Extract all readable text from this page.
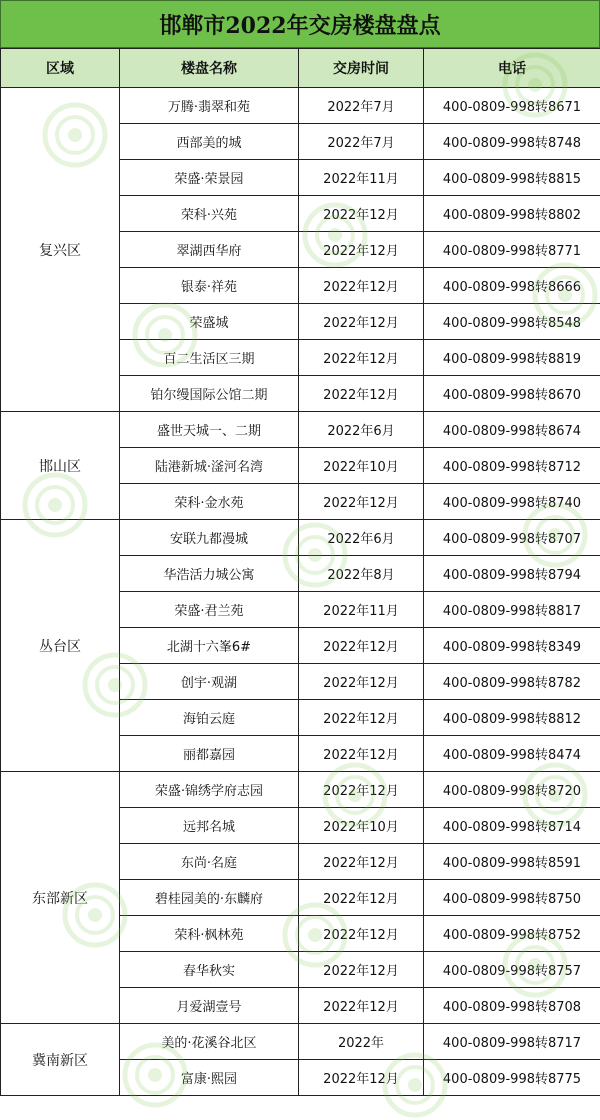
邯郸市2022年交房楼盘盘点
区域	楼盘名称	交房时间	电话
复兴区	万腾·翡翠和苑	2022年7月	400-0809-998转8671
	西部美的城	2022年7月	400-0809-998转8748
	荣盛·荣景园	2022年11月	400-0809-998转8815
	荣科·兴苑	2022年12月	400-0809-998转8802
	翠湖西华府	2022年12月	400-0809-998转8771
	银泰·祥苑	2022年12月	400-0809-998转8666
	荣盛城	2022年12月	400-0809-998转8548
	百二生活区三期	2022年12月	400-0809-998转8819
	铂尔缦国际公馆二期	2022年12月	400-0809-998转8670
邯山区	盛世天城一、二期	2022年6月	400-0809-998转8674
	陆港新城·滏河名湾	2022年10月	400-0809-998转8712
	荣科·金水苑	2022年12月	400-0809-998转8740
丛台区	安联九都漫城	2022年6月	400-0809-998转8707
	华浩活力城公寓	2022年8月	400-0809-998转8794
	荣盛·君兰苑	2022年11月	400-0809-998转8817
	北湖十六峯6#	2022年12月	400-0809-998转8349
	创宇·观湖	2022年12月	400-0809-998转8782
	海铂云庭	2022年12月	400-0809-998转8812
	丽都嘉园	2022年12月	400-0809-998转8474
东部新区	荣盛·锦绣学府志园	2022年12月	400-0809-998转8720
	远邦名城	2022年10月	400-0809-998转8714
	东尚·名庭	2022年12月	400-0809-998转8591
	碧桂园美的·东麟府	2022年12月	400-0809-998转8750
	荣科·枫林苑	2022年12月	400-0809-998转8752
	春华秋实	2022年12月	400-0809-998转8757
	月爱湖壹号	2022年12月	400-0809-998转8708
冀南新区	美的·花溪谷北区	2022年	400-0809-998转8717
	富康·熙园	2022年12月	400-0809-998转8775
